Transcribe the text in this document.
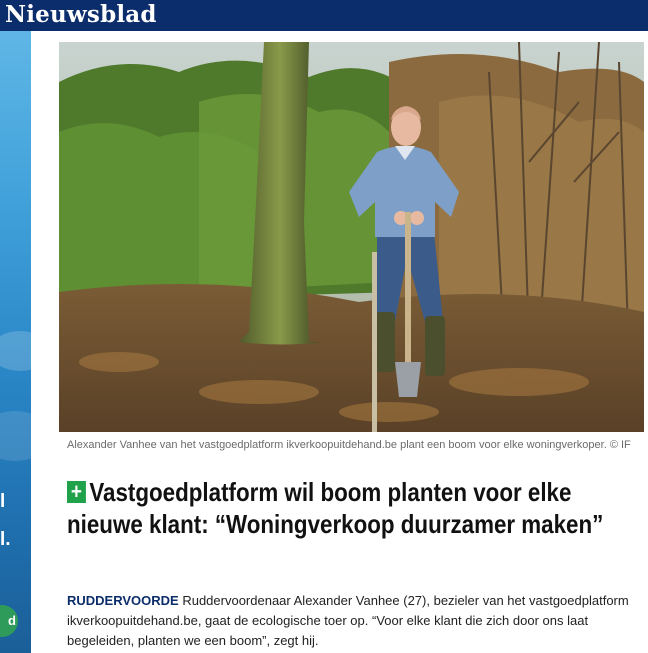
Nieuwsblad
l
l.
d
Alexander Vanhee van het vastgoedplatform ikverkoopuitdehand.be plant een boom voor elke woningverkoper. © IF
+ Vastgoedplatform wil boom planten voor elke nieuwe klant: “Woningverkoop duurzamer maken”
RUDDERVOORDE Ruddervoordenaar Alexander Vanhee (27), bezieler van het vastgoedplatform ikverkoopuitdehand.be, gaat de ecologische toer op. “Voor elke klant die zich door ons laat begeleiden, planten we een boom”, zegt hij.
